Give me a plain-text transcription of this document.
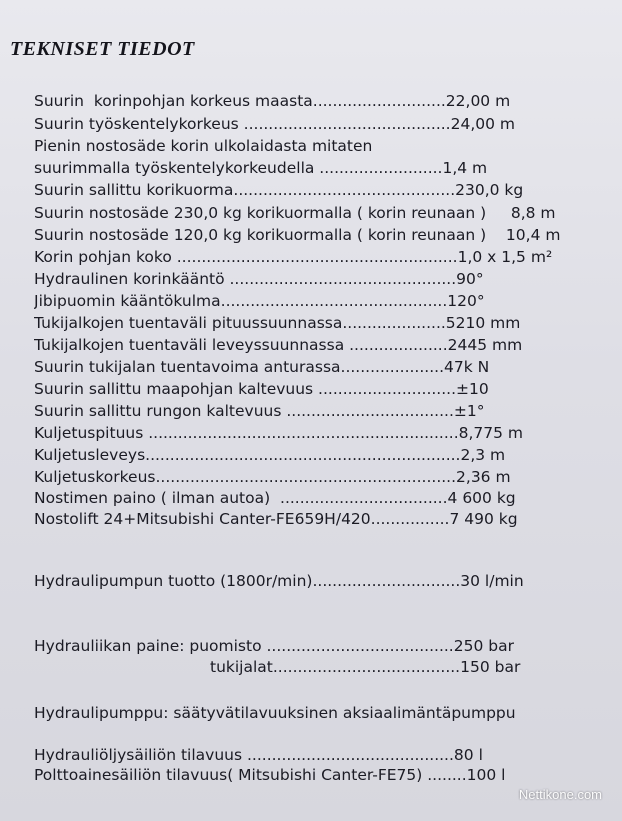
TEKNISET TIEDOT

Suurin  korinpohjan korkeus maasta...........................22,00 m

Suurin työskentelykorkeus ..........................................24,00 m

Pienin nostosäde korin ulkolaidasta mitaten

suurimmalla työskentelykorkeudella .........................1,4 m

Suurin sallittu korikuorma.............................................230,0 kg

Suurin nostosäde 230,0 kg korikuormalla ( korin reunaan )     8,8 m

Suurin nostosäde 120,0 kg korikuormalla ( korin reunaan )    10,4 m

Korin pohjan koko .........................................................1,0 x 1,5 m²

Hydraulinen korinkääntö ..............................................90°

Jibipuomin kääntökulma..............................................120°

Tukijalkojen tuentaväli pituussuunnassa.....................5210 mm

Tukijalkojen tuentaväli leveyssuunnassa ....................2445 mm

Suurin tukijalan tuentavoima anturassa.....................47k N

Suurin sallittu maapohjan kaltevuus ............................±10

Suurin sallittu rungon kaltevuus ..................................±1°

Kuljetuspituus ...............................................................8,775 m

Kuljetusleveys................................................................2,3 m

Kuljetuskorkeus.............................................................2,36 m

Nostimen paino ( ilman autoa)  ..................................4 600 kg

Nostolift 24+Mitsubishi Canter-FE659H/420................7 490 kg

Hydraulipumpun tuotto (1800r/min)..............................30 l/min

Hydrauliikan paine: puomisto ......................................250 bar

tukijalat......................................150 bar

Hydraulipumppu: säätyvätilavuuksinen aksiaalimäntäpumppu

Hydrauliöljysäiliön tilavuus ..........................................80 l

Polttoainesäiliön tilavuus( Mitsubishi Canter-FE75) ........100 l

Nettikone.com
